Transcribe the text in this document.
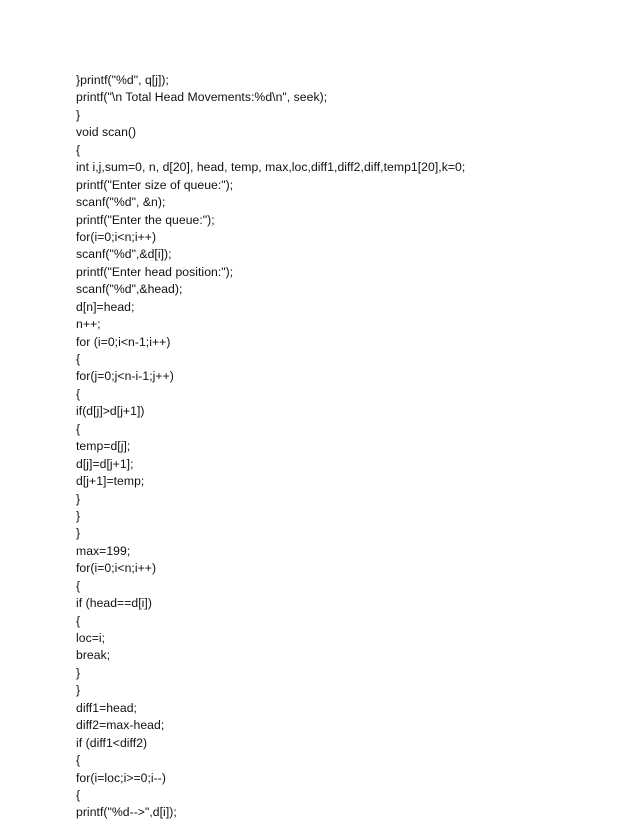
}printf("%d", q[j]);
printf("\n Total Head Movements:%d\n", seek);
}
void scan()
{
int i,j,sum=0, n, d[20], head, temp, max,loc,diff1,diff2,diff,temp1[20],k=0;
printf("Enter size of queue:");
scanf("%d", &n);
printf("Enter the queue:");
for(i=0;i<n;i++)
scanf("%d",&d[i]);
printf("Enter head position:");
scanf("%d",&head);
d[n]=head;
n++;
for (i=0;i<n-1;i++)
{
for(j=0;j<n-i-1;j++)
{
if(d[j]>d[j+1])
{
temp=d[j];
d[j]=d[j+1];
d[j+1]=temp;
}
}
}
max=199;
for(i=0;i<n;i++)
{
if (head==d[i])
{
loc=i;
break;
}
}
diff1=head;
diff2=max-head;
if (diff1<diff2)
{
for(i=loc;i>=0;i--)
{
printf("%d-->",d[i]);
